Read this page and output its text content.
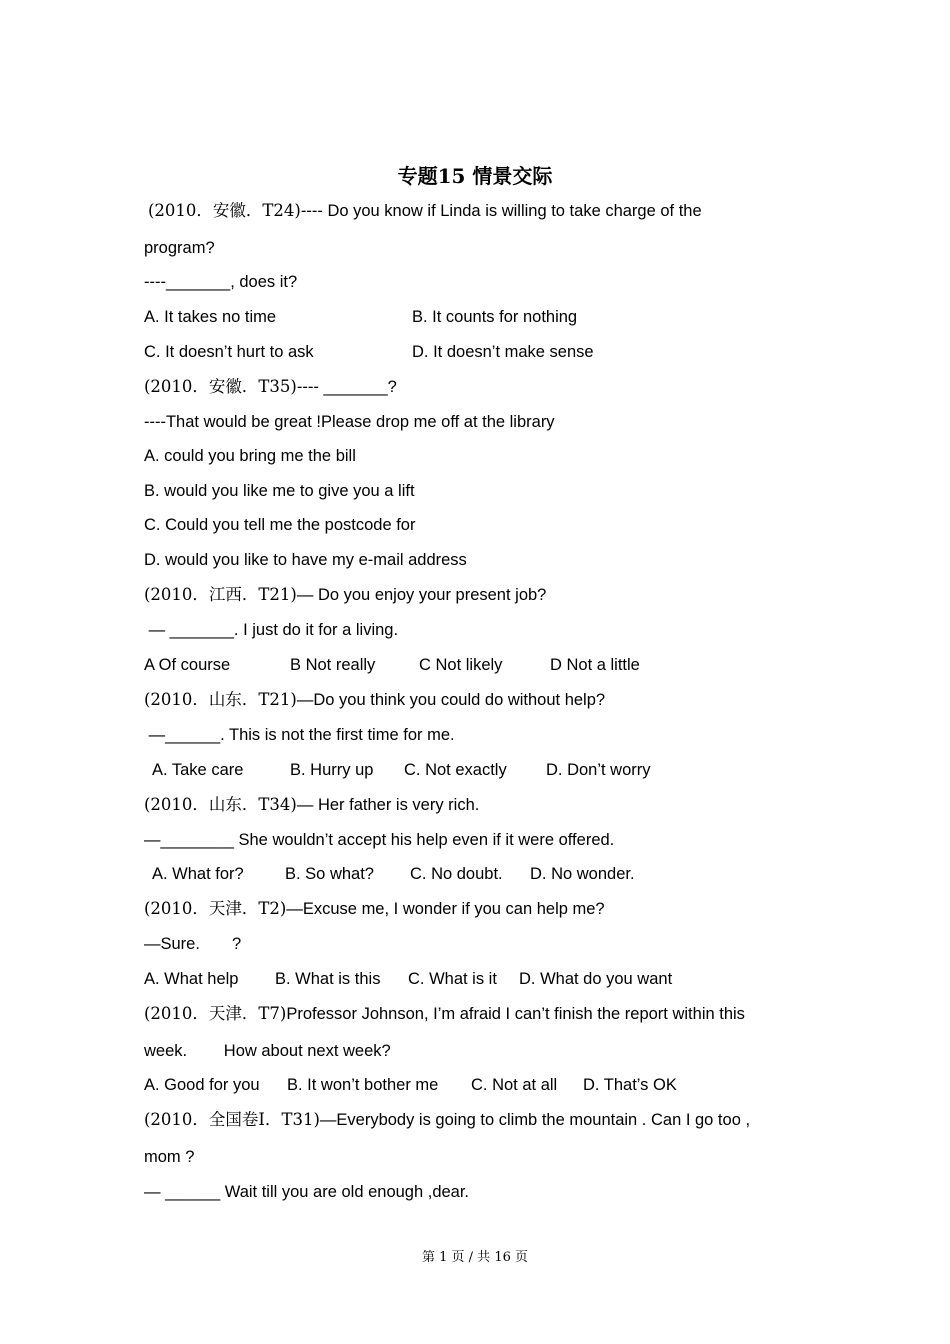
专题15 情景交际
(2010．安徽．T24)---- Do you know if Linda is willing to take charge of the
program?
----_______, does it?
A. It takes no time	B. It counts for nothing
C. It doesn’t hurt to ask	D. It doesn’t make sense
(2010．安徽．T35)---- _______?
----That would be great !Please drop me off at the library
A. could you bring me the bill
B. would you like me to give you a lift
C. Could you tell me the postcode for
D. would you like to have my e-mail address
(2010．江西．T21)— Do you enjoy your present job?
— _______. I just do it for a living.
A Of course	B Not really	C Not likely	D Not a little
(2010．山东．T21)—Do you think you could do without help?
—______. This is not the first time for me.
A. Take care	B. Hurry up C. Not exactly D. Don’t worry
(2010．山东．T34)— Her father is very rich.
—________ She wouldn’t accept his help even if it were offered.
A. What for?	B. So what? C. No doubt. D. No wonder.
(2010．天津．T2)—Excuse me, I wonder if you can help me?
—Sure.       ?
A. What help B. What is this C. What is it D. What do you want
(2010．天津．T7)Professor Johnson, I’m afraid I can’t finish the report within this
week.        How about next week?
A. Good for you B. It won’t bother me C. Not at all D. That’s OK
(2010．全国卷I．T31)—Everybody is going to climb the mountain . Can I go too ,
mom ?
— ______ Wait till you are old enough ,dear.
第 1 页 / 共 16 页
